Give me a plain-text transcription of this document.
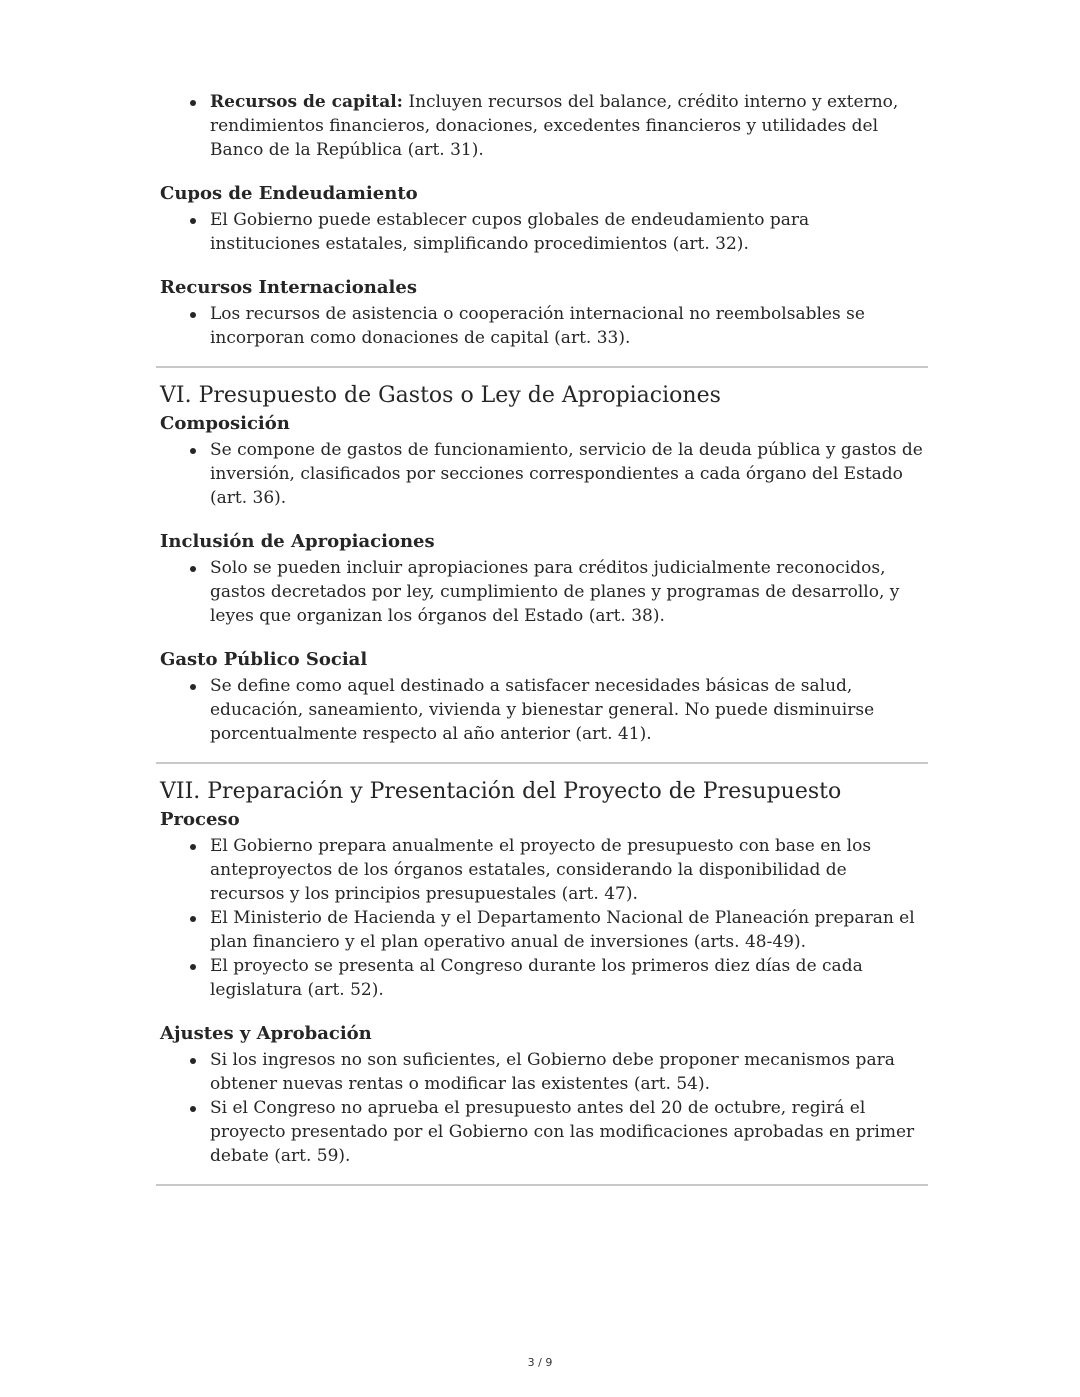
Recursos de capital: Incluyen recursos del balance, crédito interno y externo, rendimientos financieros, donaciones, excedentes financieros y utilidades del Banco de la República (art. 31).
Cupos de Endeudamiento
El Gobierno puede establecer cupos globales de endeudamiento para instituciones estatales, simplificando procedimientos (art. 32).
Recursos Internacionales
Los recursos de asistencia o cooperación internacional no reembolsables se incorporan como donaciones de capital (art. 33).
VI. Presupuesto de Gastos o Ley de Apropiaciones
Composición
Se compone de gastos de funcionamiento, servicio de la deuda pública y gastos de inversión, clasificados por secciones correspondientes a cada órgano del Estado (art. 36).
Inclusión de Apropiaciones
Solo se pueden incluir apropiaciones para créditos judicialmente reconocidos, gastos decretados por ley, cumplimiento de planes y programas de desarrollo, y leyes que organizan los órganos del Estado (art. 38).
Gasto Público Social
Se define como aquel destinado a satisfacer necesidades básicas de salud, educación, saneamiento, vivienda y bienestar general. No puede disminuirse porcentualmente respecto al año anterior (art. 41).
VII. Preparación y Presentación del Proyecto de Presupuesto
Proceso
El Gobierno prepara anualmente el proyecto de presupuesto con base en los anteproyectos de los órganos estatales, considerando la disponibilidad de recursos y los principios presupuestales (art. 47).
El Ministerio de Hacienda y el Departamento Nacional de Planeación preparan el plan financiero y el plan operativo anual de inversiones (arts. 48-49).
El proyecto se presenta al Congreso durante los primeros diez días de cada legislatura (art. 52).
Ajustes y Aprobación
Si los ingresos no son suficientes, el Gobierno debe proponer mecanismos para obtener nuevas rentas o modificar las existentes (art. 54).
Si el Congreso no aprueba el presupuesto antes del 20 de octubre, regirá el proyecto presentado por el Gobierno con las modificaciones aprobadas en primer debate (art. 59).
3 / 9
